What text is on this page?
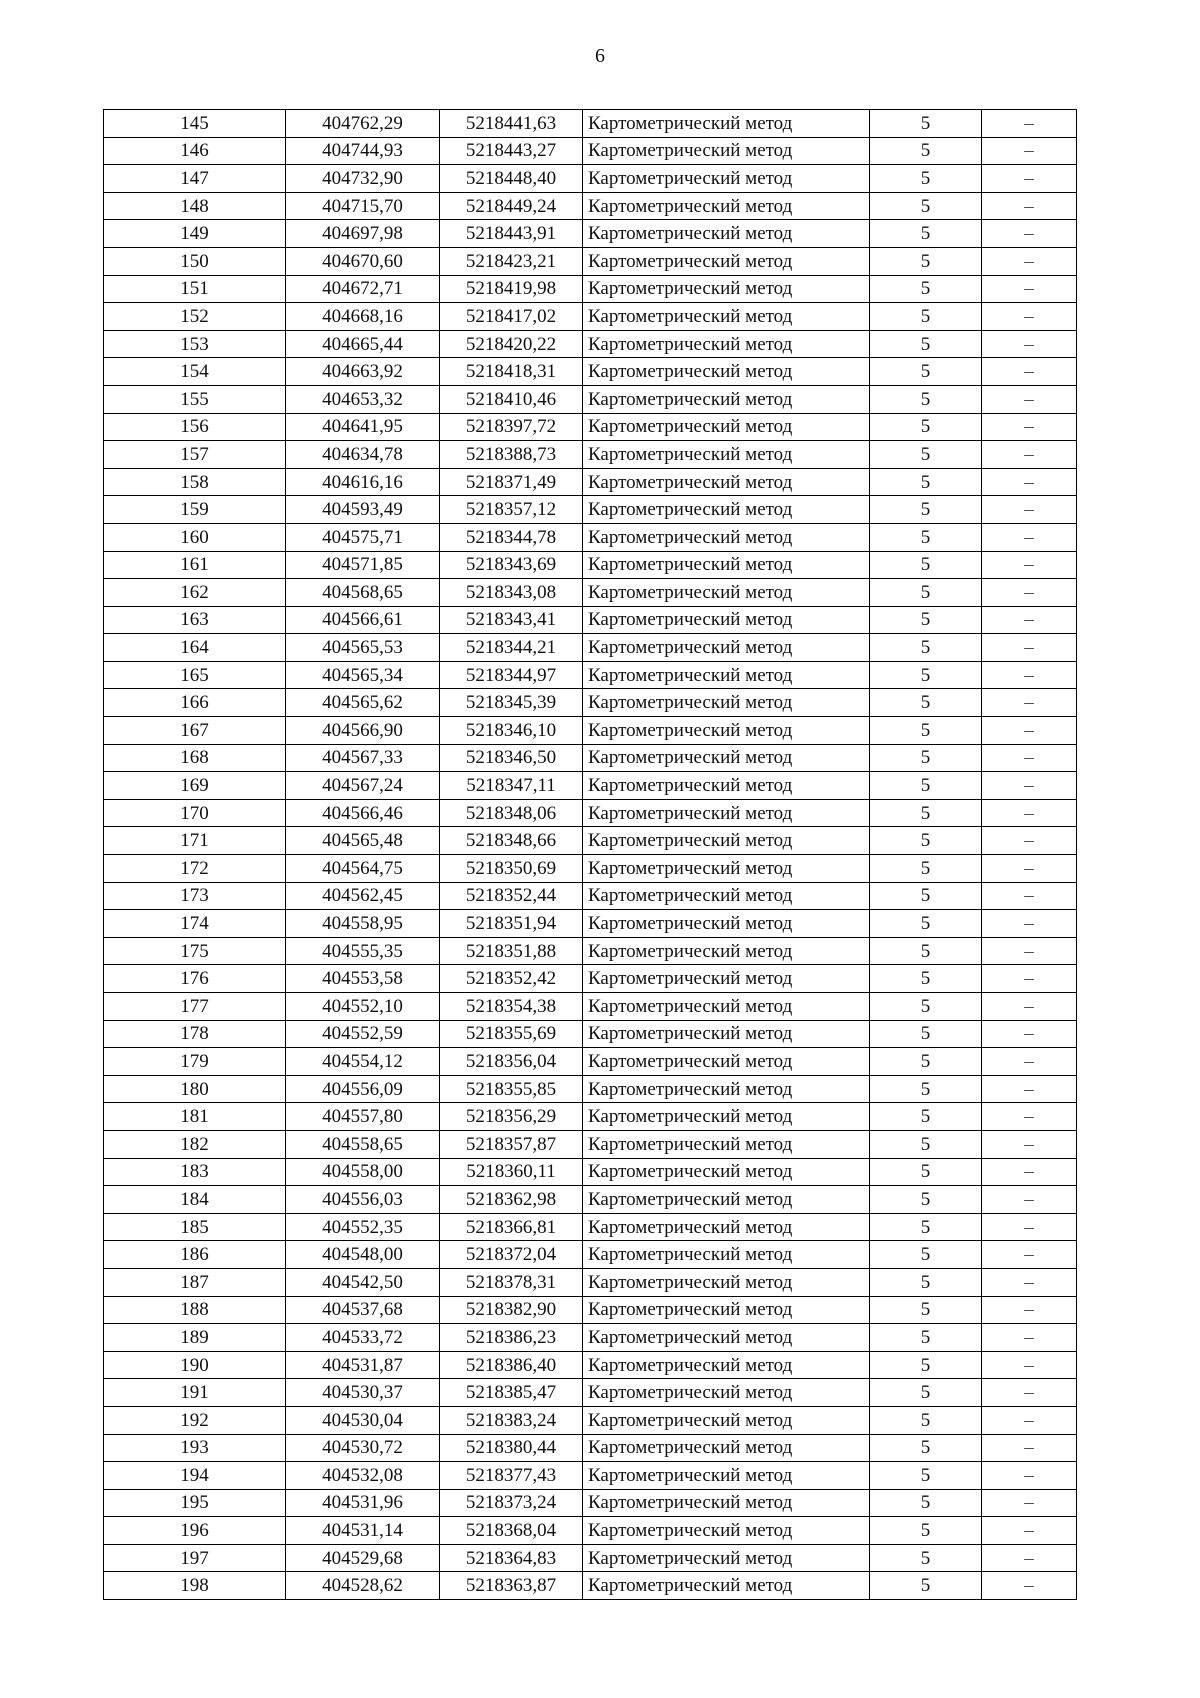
6
145	404762,29	5218441,63	Картометрический метод	5	–
146	404744,93	5218443,27	Картометрический метод	5	–
147	404732,90	5218448,40	Картометрический метод	5	–
148	404715,70	5218449,24	Картометрический метод	5	–
149	404697,98	5218443,91	Картометрический метод	5	–
150	404670,60	5218423,21	Картометрический метод	5	–
151	404672,71	5218419,98	Картометрический метод	5	–
152	404668,16	5218417,02	Картометрический метод	5	–
153	404665,44	5218420,22	Картометрический метод	5	–
154	404663,92	5218418,31	Картометрический метод	5	–
155	404653,32	5218410,46	Картометрический метод	5	–
156	404641,95	5218397,72	Картометрический метод	5	–
157	404634,78	5218388,73	Картометрический метод	5	–
158	404616,16	5218371,49	Картометрический метод	5	–
159	404593,49	5218357,12	Картометрический метод	5	–
160	404575,71	5218344,78	Картометрический метод	5	–
161	404571,85	5218343,69	Картометрический метод	5	–
162	404568,65	5218343,08	Картометрический метод	5	–
163	404566,61	5218343,41	Картометрический метод	5	–
164	404565,53	5218344,21	Картометрический метод	5	–
165	404565,34	5218344,97	Картометрический метод	5	–
166	404565,62	5218345,39	Картометрический метод	5	–
167	404566,90	5218346,10	Картометрический метод	5	–
168	404567,33	5218346,50	Картометрический метод	5	–
169	404567,24	5218347,11	Картометрический метод	5	–
170	404566,46	5218348,06	Картометрический метод	5	–
171	404565,48	5218348,66	Картометрический метод	5	–
172	404564,75	5218350,69	Картометрический метод	5	–
173	404562,45	5218352,44	Картометрический метод	5	–
174	404558,95	5218351,94	Картометрический метод	5	–
175	404555,35	5218351,88	Картометрический метод	5	–
176	404553,58	5218352,42	Картометрический метод	5	–
177	404552,10	5218354,38	Картометрический метод	5	–
178	404552,59	5218355,69	Картометрический метод	5	–
179	404554,12	5218356,04	Картометрический метод	5	–
180	404556,09	5218355,85	Картометрический метод	5	–
181	404557,80	5218356,29	Картометрический метод	5	–
182	404558,65	5218357,87	Картометрический метод	5	–
183	404558,00	5218360,11	Картометрический метод	5	–
184	404556,03	5218362,98	Картометрический метод	5	–
185	404552,35	5218366,81	Картометрический метод	5	–
186	404548,00	5218372,04	Картометрический метод	5	–
187	404542,50	5218378,31	Картометрический метод	5	–
188	404537,68	5218382,90	Картометрический метод	5	–
189	404533,72	5218386,23	Картометрический метод	5	–
190	404531,87	5218386,40	Картометрический метод	5	–
191	404530,37	5218385,47	Картометрический метод	5	–
192	404530,04	5218383,24	Картометрический метод	5	–
193	404530,72	5218380,44	Картометрический метод	5	–
194	404532,08	5218377,43	Картометрический метод	5	–
195	404531,96	5218373,24	Картометрический метод	5	–
196	404531,14	5218368,04	Картометрический метод	5	–
197	404529,68	5218364,83	Картометрический метод	5	–
198	404528,62	5218363,87	Картометрический метод	5	–
